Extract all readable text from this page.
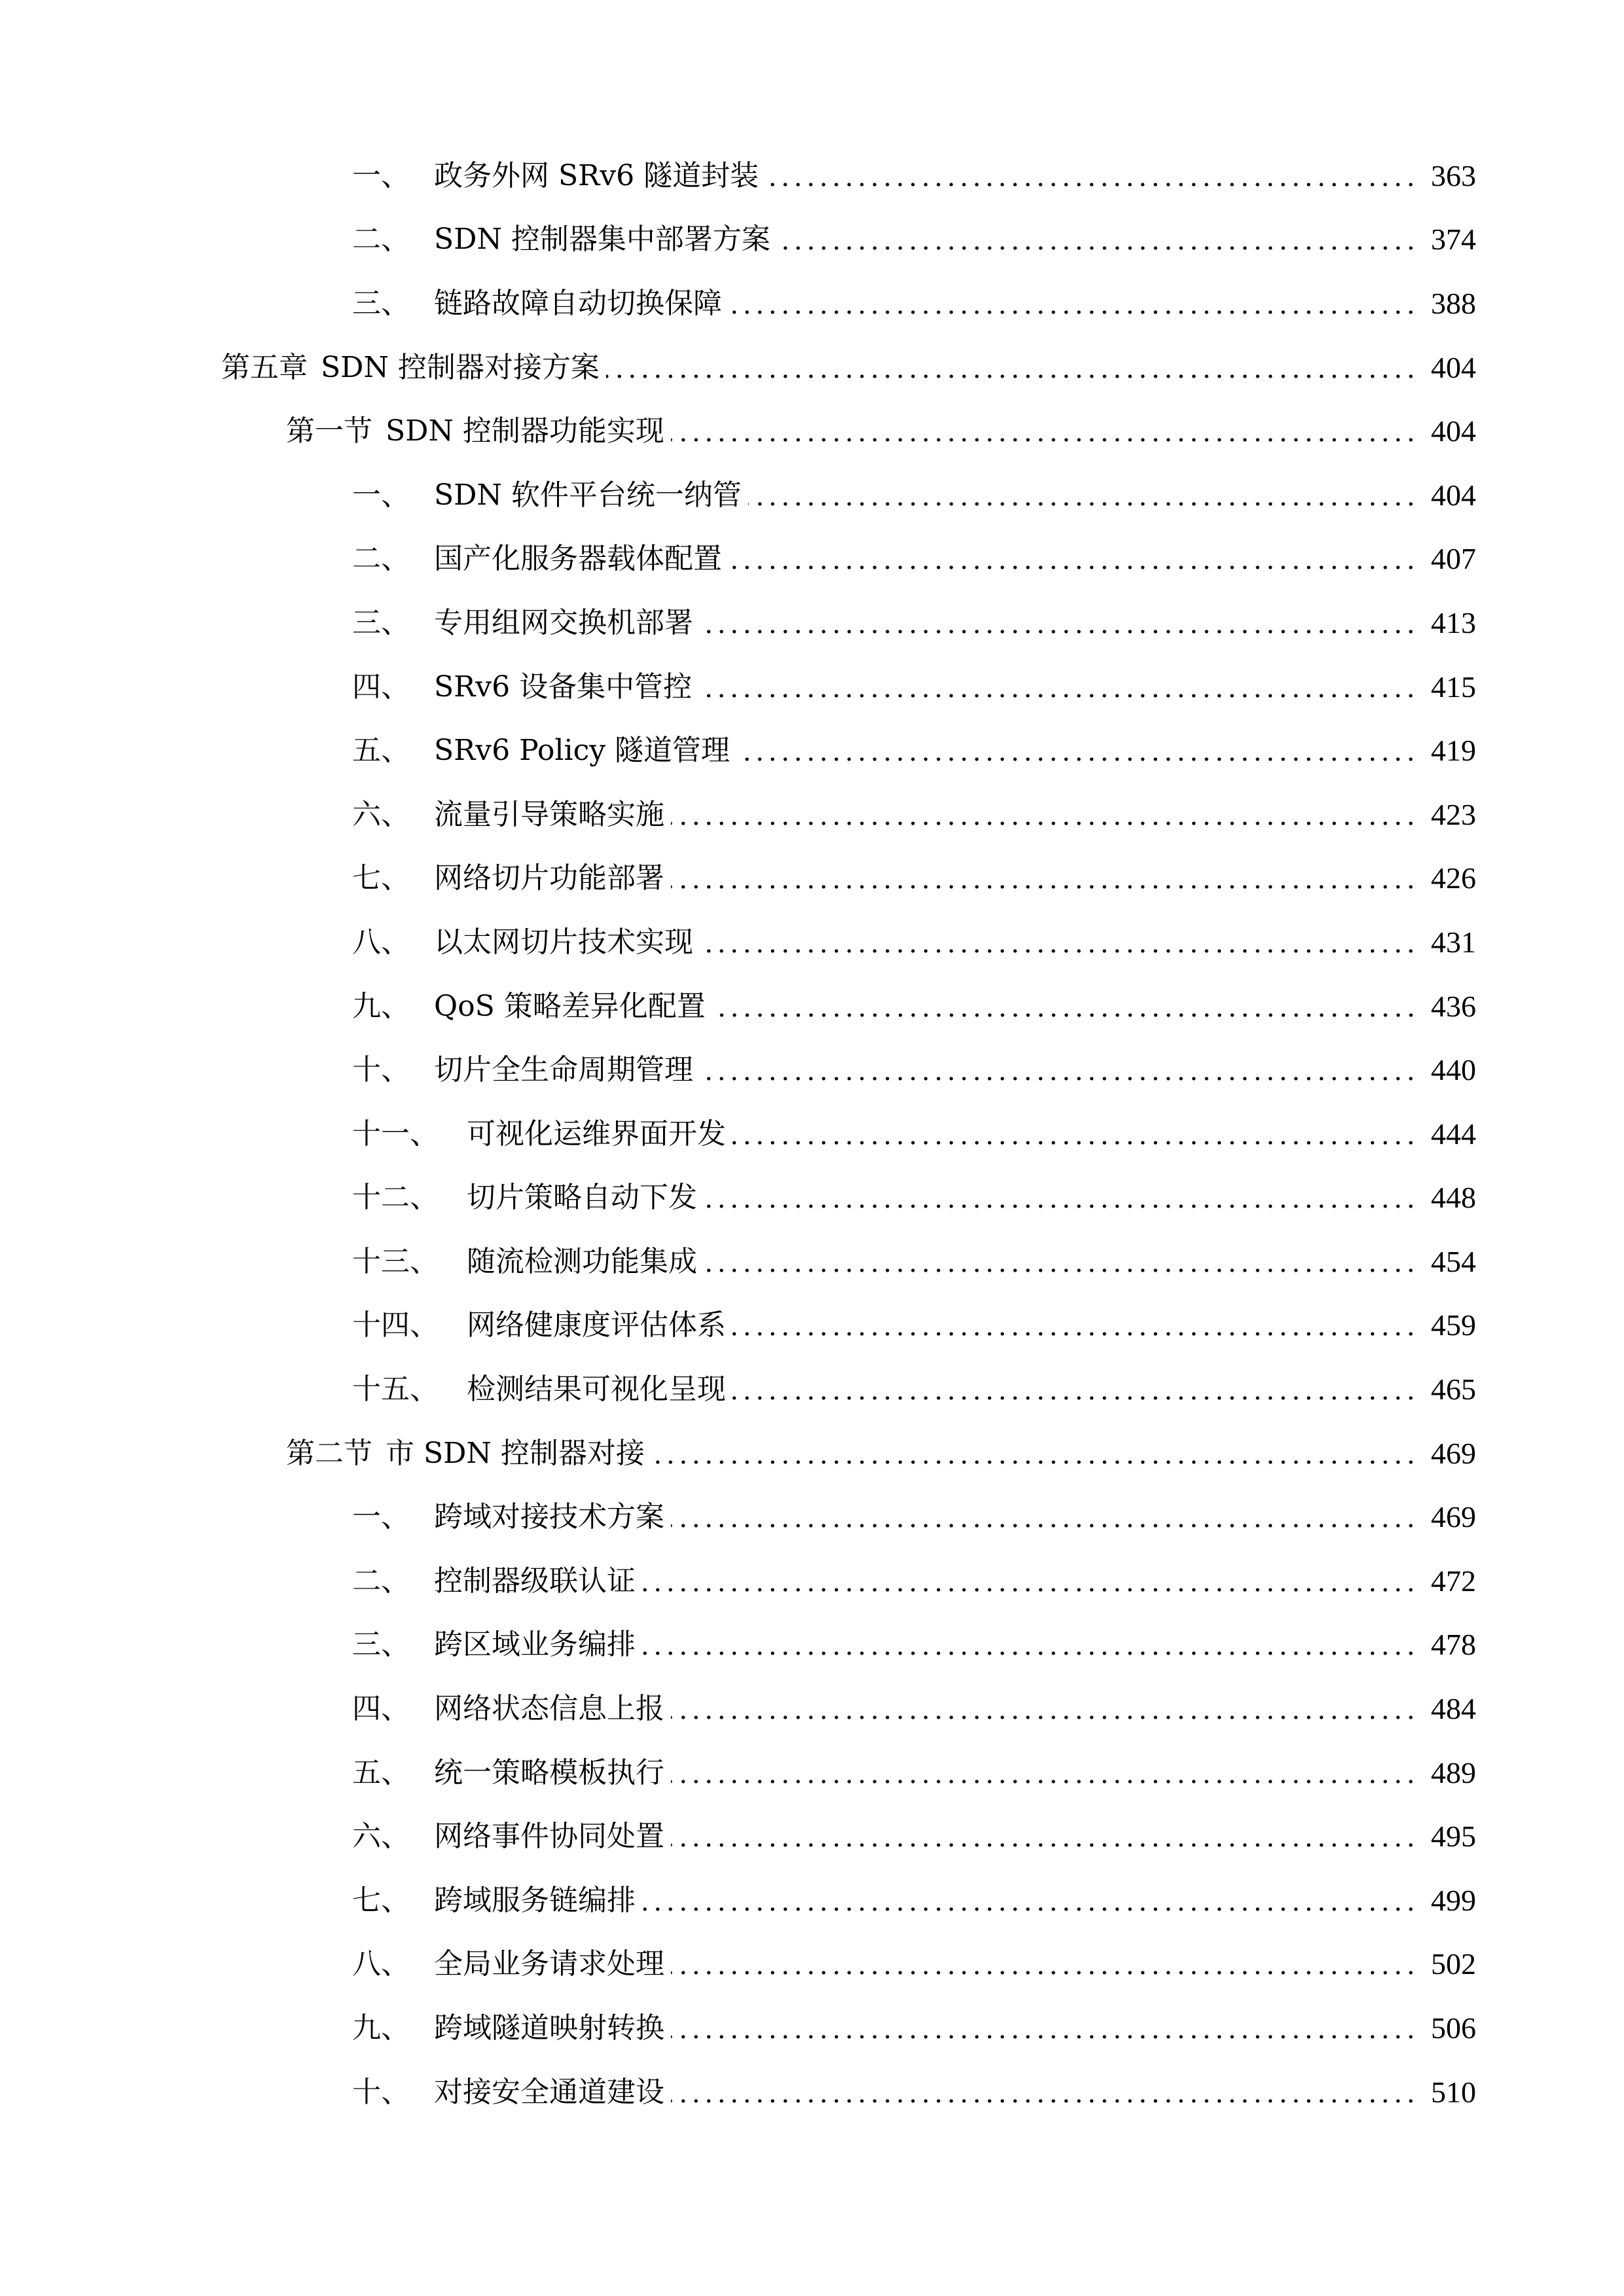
一、 政务外网 SRv6 隧道封装	363
二、 SDN 控制器集中部署方案	374
三、 链路故障自动切换保障	388
第五章 SDN 控制器对接方案	404
第一节 SDN 控制器功能实现	404
一、 SDN 软件平台统一纳管	404
二、 国产化服务器载体配置	407
三、 专用组网交换机部署	413
四、 SRv6 设备集中管控	415
五、 SRv6 Policy 隧道管理	419
六、 流量引导策略实施	423
七、 网络切片功能部署	426
八、 以太网切片技术实现	431
九、 QoS 策略差异化配置	436
十、 切片全生命周期管理	440
十一、 可视化运维界面开发	444
十二、 切片策略自动下发	448
十三、 随流检测功能集成	454
十四、 网络健康度评估体系	459
十五、 检测结果可视化呈现	465
第二节 市 SDN 控制器对接	469
一、 跨域对接技术方案	469
二、 控制器级联认证	472
三、 跨区域业务编排	478
四、 网络状态信息上报	484
五、 统一策略模板执行	489
六、 网络事件协同处置	495
七、 跨域服务链编排	499
八、 全局业务请求处理	502
九、 跨域隧道映射转换	506
十、 对接安全通道建设	510
